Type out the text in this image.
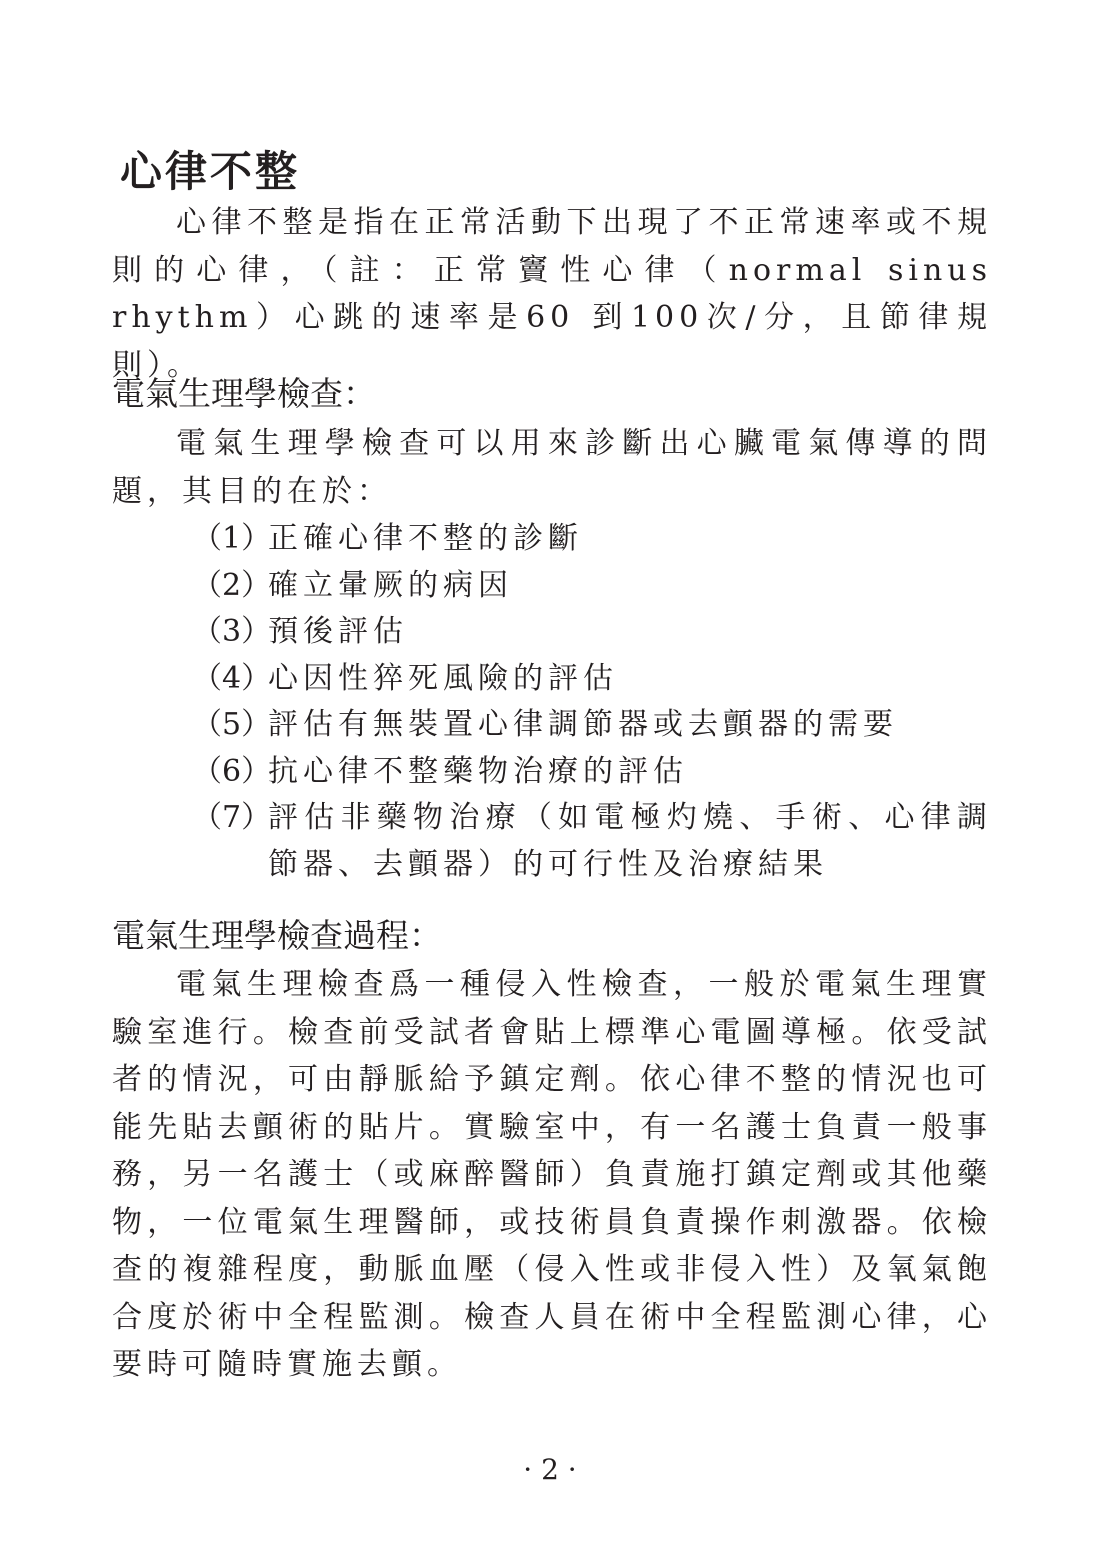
心律不整

心律不整是指在正常活動下出現了不正常速率或不規則的心律，（註：正常竇性心律（normal sinus rhythm）心跳的速率是60 到100次/分，且節律規則）。

電氣生理學檢查：

電氣生理學檢查可以用來診斷出心臟電氣傳導的問題，其目的在於：

（1）
正確心律不整的診斷
（2）
確立暈厥的病因
（3）
預後評估
（4）
心因性猝死風險的評估
（5）
評估有無裝置心律調節器或去顫器的需要
（6）
抗心律不整藥物治療的評估
（7）
評估非藥物治療（如電極灼燒、手術、心律調節器、去顫器）的可行性及治療結果
電氣生理學檢查過程：

電氣生理檢查爲一種侵入性檢查，一般於電氣生理實驗室進行。檢查前受試者會貼上標準心電圖導極。依受試者的情況，可由靜脈給予鎮定劑。依心律不整的情況也可能先貼去顫術的貼片。實驗室中，有一名護士負責一般事務，另一名護士（或麻醉醫師）負責施打鎮定劑或其他藥物，一位電氣生理醫師，或技術員負責操作刺激器。依檢查的複雜程度，動脈血壓（侵入性或非侵入性）及氧氣飽合度於術中全程監測。檢查人員在術中全程監測心律，心要時可隨時實施去顫。

· 2 ·
